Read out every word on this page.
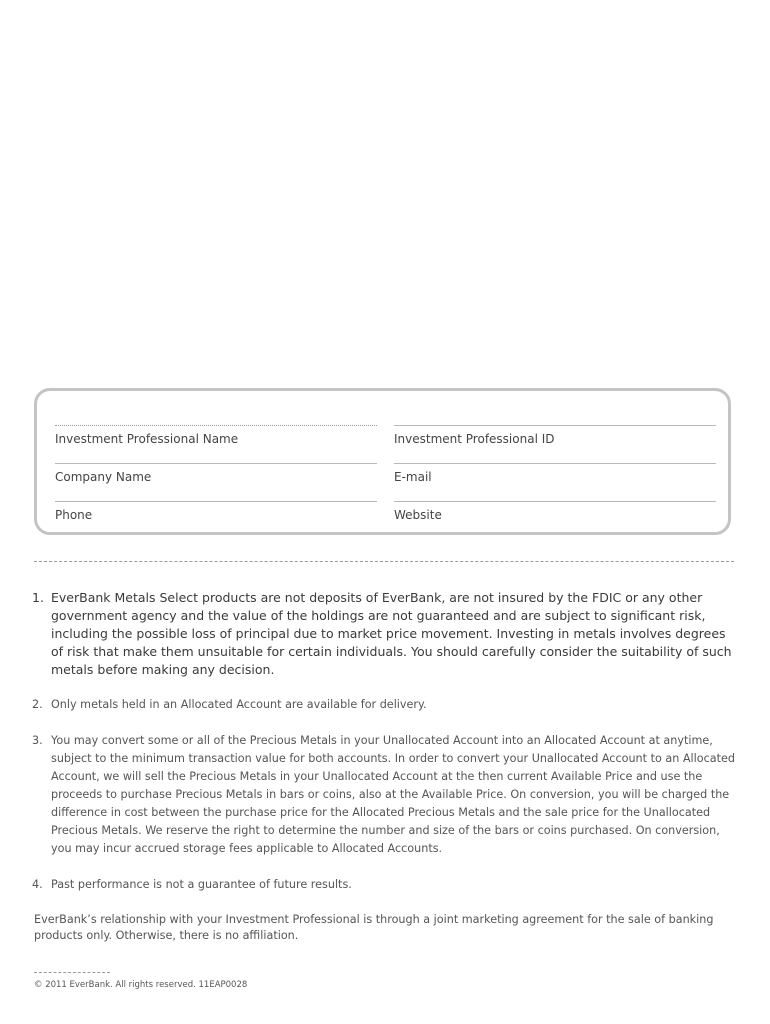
Investment Professional Name	Investment Professional ID
Company Name	E-mail
Phone	Website
1. EverBank Metals Select products are not deposits of EverBank, are not insured by the FDIC or any other government agency and the value of the holdings are not guaranteed and are subject to significant risk, including the possible loss of principal due to market price movement. Investing in metals involves degrees of risk that make them unsuitable for certain individuals. You should carefully consider the suitability of such metals before making any decision.
2. Only metals held in an Allocated Account are available for delivery.
3. You may convert some or all of the Precious Metals in your Unallocated Account into an Allocated Account at anytime, subject to the minimum transaction value for both accounts. In order to convert your Unallocated Account to an Allocated Account, we will sell the Precious Metals in your Unallocated Account at the then current Available Price and use the proceeds to purchase Precious Metals in bars or coins, also at the Available Price. On conversion, you will be charged the difference in cost between the purchase price for the Allocated Precious Metals and the sale price for the Unallocated Precious Metals. We reserve the right to determine the number and size of the bars or coins purchased. On conversion, you may incur accrued storage fees applicable to Allocated Accounts.
4. Past performance is not a guarantee of future results.

EverBank’s relationship with your Investment Professional is through a joint marketing agreement for the sale of banking products only. Otherwise, there is no affiliation.

© 2011 EverBank. All rights reserved. 11EAP0028
